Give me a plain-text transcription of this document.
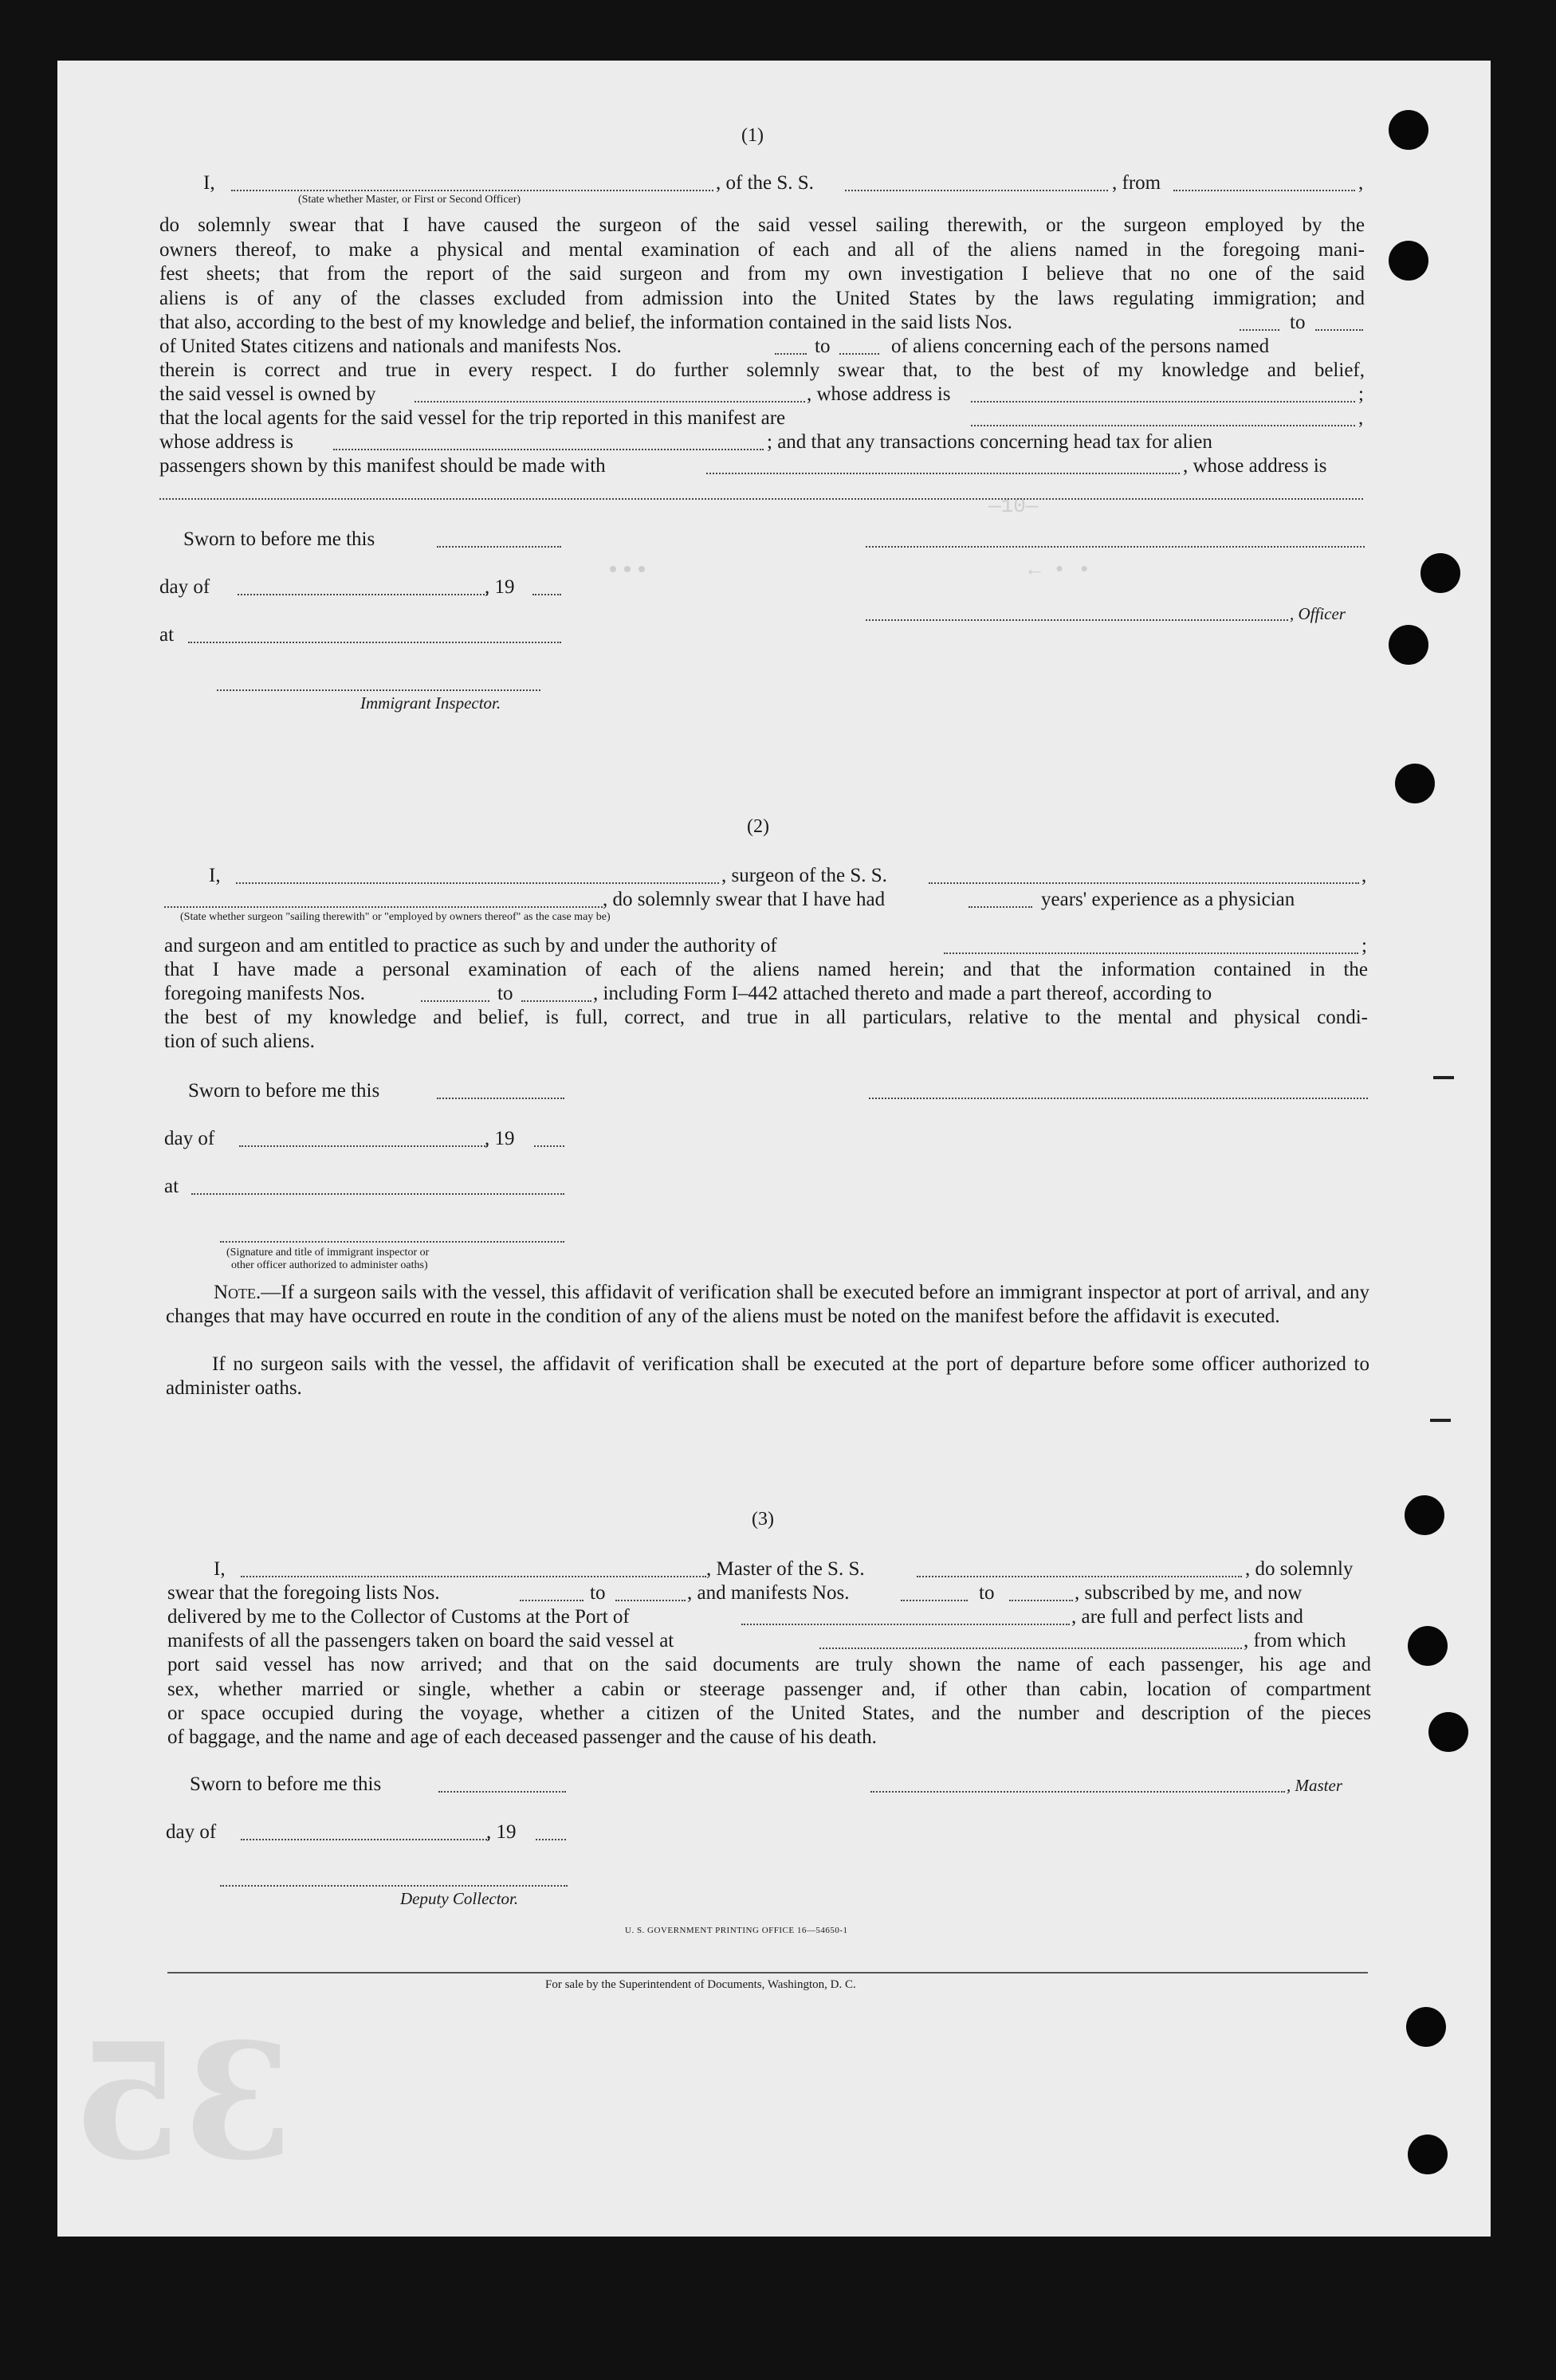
—10—
← • •
•••
35
(1)
I,	, of the S. S.	, from	,
(State whether Master, or First or Second Officer)
do solemnly swear that I have caused the surgeon of the said vessel sailing therewith, or the surgeon employed by the
owners thereof, to make a physical and mental examination of each and all of the aliens named in the foregoing mani-
fest sheets; that from the report of the said surgeon and from my own investigation I believe that no one of the said
aliens is of any of the classes excluded from admission into the United States by the laws regulating immigration; and
that also, according to the best of my knowledge and belief, the information contained in the said lists Nos.	to
of United States citizens and nationals and manifests Nos.	to	of aliens concerning each of the persons named
therein is correct and true in every respect. I do further solemnly swear that, to the best of my knowledge and belief,
the said vessel is owned by	, whose address is	;
that the local agents for the said vessel for the trip reported in this manifest are	,
whose address is	; and that any transactions concerning head tax for alien
passengers shown by this manifest should be made with	, whose address is
Sworn to before me this
day of	, 19
at
, Officer
Immigrant Inspector.
(2)
I,	, surgeon of the S. S.	,
, do solemnly swear that I have had	years' experience as a physician
(State whether surgeon "sailing therewith" or "employed by owners thereof" as the case may be)
and surgeon and am entitled to practice as such by and under the authority of	;
that I have made a personal examination of each of the aliens named herein; and that the information contained in the
foregoing manifests Nos.	to	, including Form I–442 attached thereto and made a part thereof, according to
the best of my knowledge and belief, is full, correct, and true in all particulars, relative to the mental and physical condi-
tion of such aliens.
Sworn to before me this
day of	, 19
at
(Signature and title of immigrant inspector or
other officer authorized to administer oaths)
Note.—If a surgeon sails with the vessel, this affidavit of verification shall be executed before an immigrant inspector at port of arrival, and any changes that may have occurred en route in the condition of any of the aliens must be noted on the manifest before the affidavit is executed.
If no surgeon sails with the vessel, the affidavit of verification shall be executed at the port of departure before some officer authorized to administer oaths.
(3)
I,	, Master of the S. S.	, do solemnly
swear that the foregoing lists Nos.	to	, and manifests Nos.	to	, subscribed by me, and now
delivered by me to the Collector of Customs at the Port of	, are full and perfect lists and
manifests of all the passengers taken on board the said vessel at	, from which
port said vessel has now arrived; and that on the said documents are truly shown the name of each passenger, his age and
sex, whether married or single, whether a cabin or steerage passenger and, if other than cabin, location of compartment
or space occupied during the voyage, whether a citizen of the United States, and the number and description of the pieces
of baggage, and the name and age of each deceased passenger and the cause of his death.
Sworn to before me this	, Master
day of	, 19
Deputy Collector.
U. S. GOVERNMENT PRINTING OFFICE 16—54650-1
For sale by the Superintendent of Documents, Washington, D. C.
